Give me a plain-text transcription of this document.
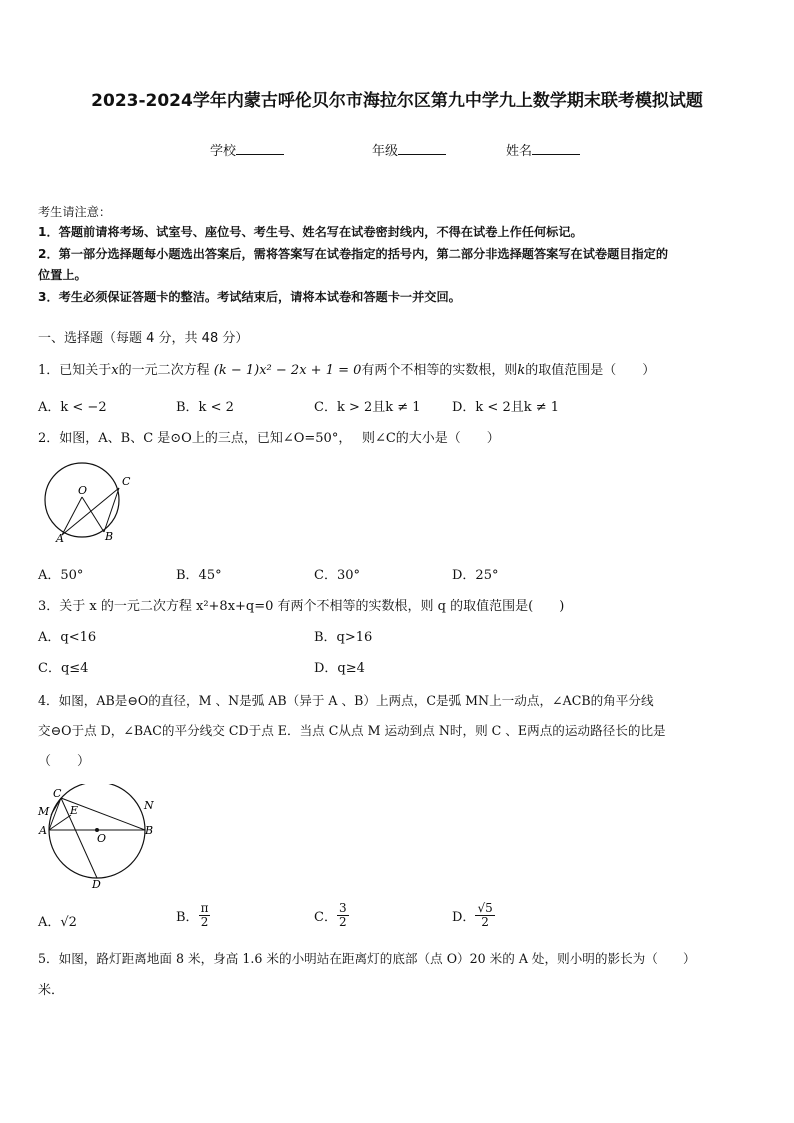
2023-2024学年内蒙古呼伦贝尔市海拉尔区第九中学九上数学期末联考模拟试题
学校	年级	姓名
考生请注意：
1．答题前请将考场、试室号、座位号、考生号、姓名写在试卷密封线内，不得在试卷上作任何标记。
2．第一部分选择题每小题选出答案后，需将答案写在试卷指定的括号内，第二部分非选择题答案写在试卷题目指定的
位置上。
3．考生必须保证答题卡的整洁。考试结束后，请将本试卷和答题卡一并交回。
一、选择题（每题 4 分，共 48 分）
1．已知关于x的一元二次方程 (k − 1)x² − 2x + 1 = 0有两个不相等的实数根，则k的取值范围是（　　）
A．k < −2	B．k < 2	C．k > 2且k ≠ 1 D．k < 2且k ≠ 1
2．如图，A、B、C 是⊙O上的三点，已知∠O=50°，　 则∠C的大小是（　　）
O
C
A	B
A．50°	B．45°	C．30°	D．25°
3．关于 x 的一元二次方程 x²+8x+q=0 有两个不相等的实数根，则 q 的取值范围是(　　)
A．q<16	B．q>16
C．q≤4	D．q≥4
4．如图，AB是⊖O的直径，M 、N是弧 AB（异于 A 、B）上两点，C是弧 MN上一动点，∠ACB的角平分线
交⊖O于点 D，∠BAC的平分线交 CD于点 E．当点 C从点 M 运动到点 N时，则 C 、E两点的运动路径长的比是
（　　）
C
M E
A
O
B
N
D
A．√2	B． $\frac{\pi}{2}$	C． $\frac{3}{2}$	D． $\frac{√5}{2}$
5．如图，路灯距离地面 8 米，身高 1.6 米的小明站在距离灯的底部（点 O）20 米的 A 处，则小明的影长为（　　）
米．
